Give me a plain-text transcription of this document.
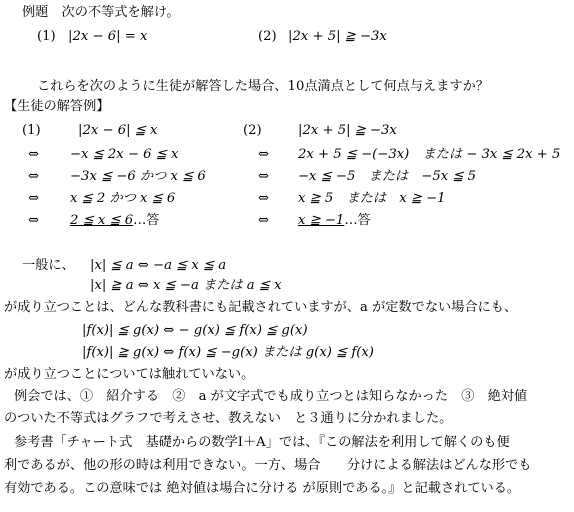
例題　次の不等式を解け。
(1) |2x − 6| = x	(2) |2x + 5| ≧ −3x
これらを次のように生徒が解答した場合、10点満点として何点与えますか？
【生徒の解答例】
(1)	|2x − 6| ≦ x
⇔ −x ≦ 2x − 6 ≦ x
⇔ −3x ≦ −6 かつ x ≦ 6
⇔ x ≦ 2 かつ x ≦ 6
⇔ 2 ≦ x ≦ 6…答
(2)	|2x + 5| ≧ −3x
⇔ 2x + 5 ≦ −(−3x)　または − 3x ≦ 2x + 5
⇔ −x ≦ −5　または　−5x ≦ 5
⇔ x ≧ 5　または　x ≧ −1
⇔ x ≧ −1…答
一般に、 |x| ≦ a ⇔ −a ≦ x ≦ a
|x| ≧ a ⇔ x ≦ −a または a ≦ x
が成り立つことは、どんな教科書にも記載されていますが、a が定数でない場合にも、
|f(x)| ≦ g(x) ⇔ − g(x) ≦ f(x) ≦ g(x)
|f(x)| ≧ g(x) ⇔ f(x) ≦ −g(x) または g(x) ≦ f(x)
が成り立つことについては触れていない。
例会では、①　紹介する　②　a が文字式でも成り立つとは知らなかった　③　絶対値
のついた不等式はグラフで考えさせ、教えない　と３通りに分かれました。
参考書「チャート式　基礎からの数学Ⅰ＋A」では、『この解法を利用して解くのも便
利であるが、他の形の時は利用できない。一方、場合　　分けによる解法はどんな形でも
有効である。この意味では 絶対値は場合に分ける が原則である。』と記載されている。
